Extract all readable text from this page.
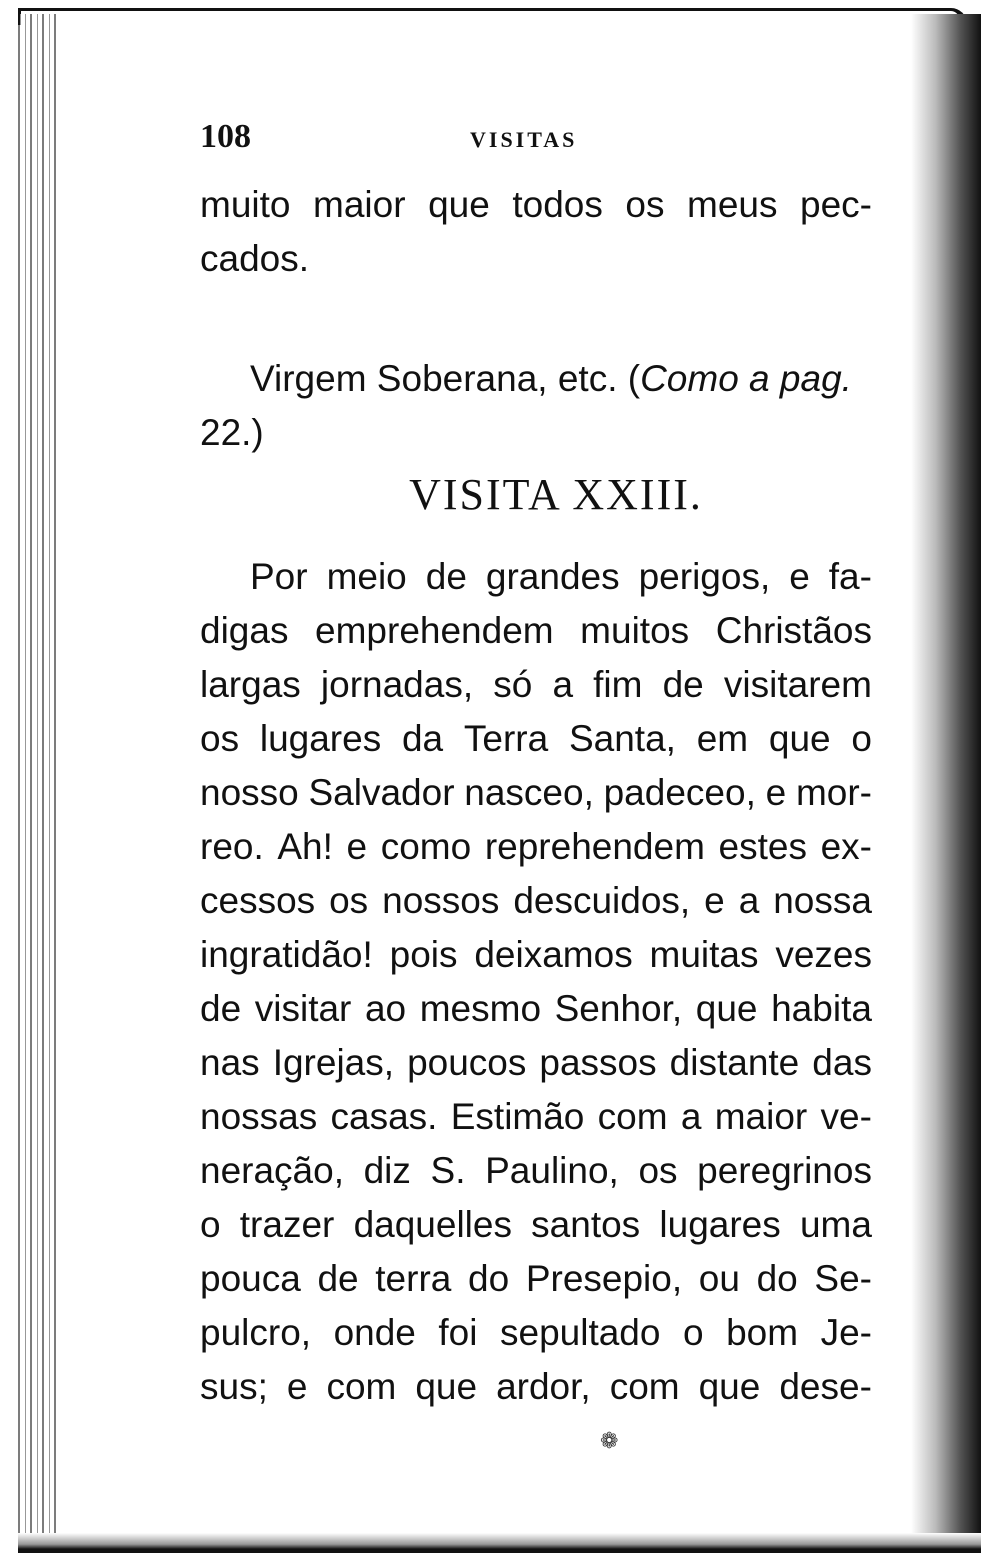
108	VISITAS
muito maior que todos os meus pec-
cados.
Virgem Soberana, etc. ( Como a pag.
22.)
VISITA XXIII.
Por meio de grandes perigos, e fa-
digas emprehendem muitos Christãos
largas jornadas, só a fim de visitarem
os lugares da Terra Santa, em que o
nosso Salvador nasceo, padeceo, e mor-
reo. Ah! e como reprehendem estes ex-
cessos os nossos descuidos, e a nossa
ingratidão! pois deixamos muitas vezes
de visitar ao mesmo Senhor, que habita
nas Igrejas, poucos passos distante das
nossas casas. Estimão com a maior ve-
neração, diz S. Paulino, os peregrinos
o trazer daquelles santos lugares uma
pouca de terra do Presepio, ou do Se-
pulcro, onde foi sepultado o bom Je-
sus; e com que ardor, com que dese-
❁
